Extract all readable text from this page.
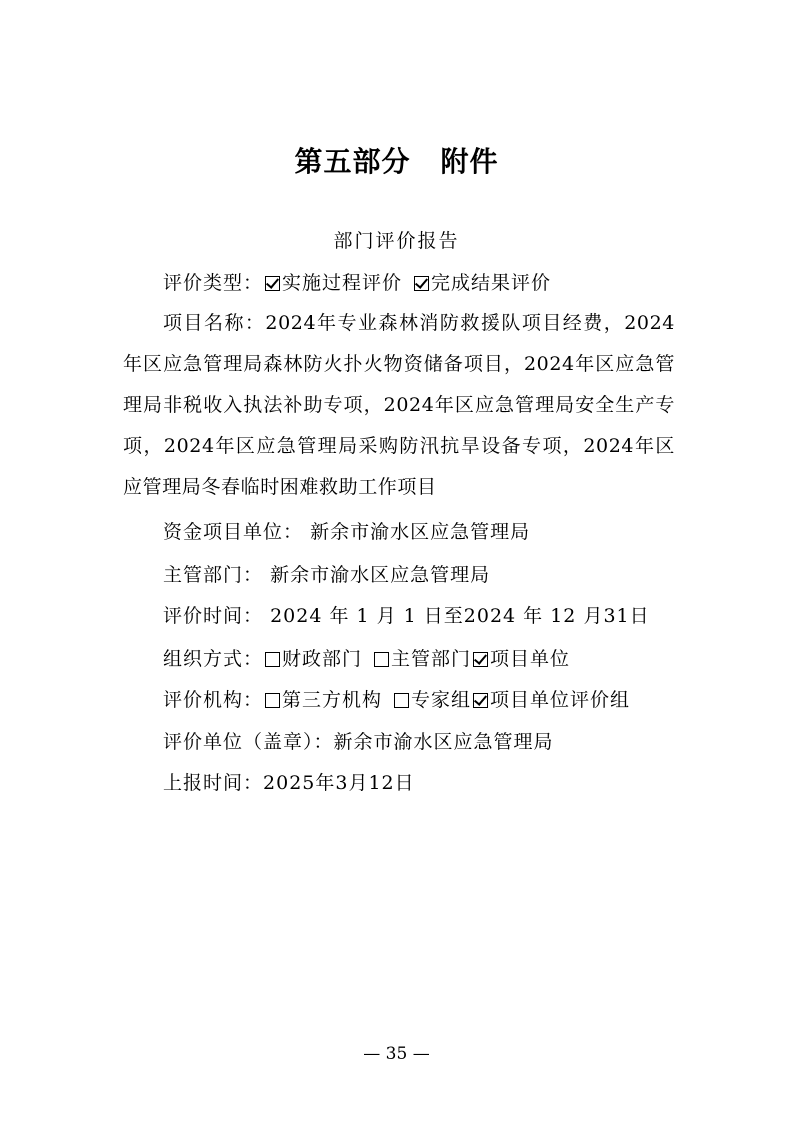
第五部分 附件
部门评价报告
评价类型： 实施过程评价 完成结果评价
项目名称：2024年专业森林消防救援队项目经费，2024年区应急管理局森林防火扑火物资储备项目，2024年区应急管理局非税收入执法补助专项，2024年区应急管理局安全生产专项，2024年区应急管理局采购防汛抗旱设备专项，2024年区应管理局冬春临时困难救助工作项目
资金项目单位： 新余市渝水区应急管理局
主管部门： 新余市渝水区应急管理局
评价时间： 2024 年 1 月 1 日至2024 年 12 月31日
组织方式： 财政部门 主管部门 项目单位
评价机构： 第三方机构 专家组 项目单位评价组
评价单位（盖章）：新余市渝水区应急管理局
上报时间：2025年3月12日
— 35 —
